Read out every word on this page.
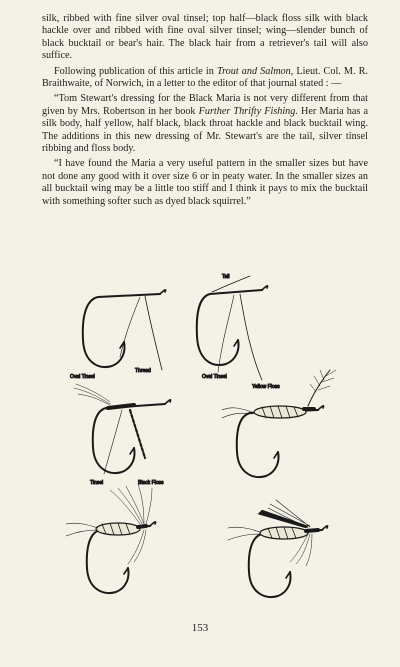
silk, ribbed with fine silver oval tinsel; top half—black floss silk with black hackle over and ribbed with fine oval silver tinsel; wing—slender bunch of black bucktail or bear's hair. The black hair from a retriever's tail will also suffice.

Following publication of this article in Trout and Salmon, Lieut. Col. M. R. Braithwaite, of Norwich, in a letter to the editor of that journal stated : —

“Tom Stewart's dressing for the Black Maria is not very different from that given by Mrs. Robertson in her book Further Thrifty Fishing. Her Maria has a silk body, half yellow, half black, black throat hackle and black bucktail wing. The additions in this new dressing of Mr. Stewart's are the tail, silver tinsel ribbing and floss body.

“I have found the Maria a very useful pattern in the smaller sizes but have not done any good with it over size 6 or in peaty water. In the smaller sizes an all bucktail wing may be a little too stiff and I think it pays to mix the bucktail with something softer such as dyed black squirrel.”

Thread
Oval Tinsel
Tail
Oval Tinsel
Yellow Floss
Tinsel	Black Floss
153
